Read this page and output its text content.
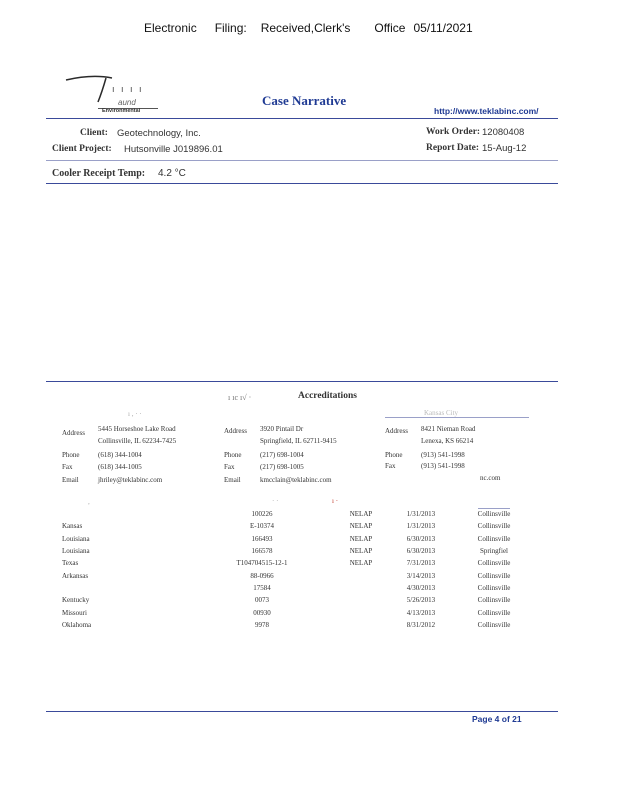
Electronic Filing: Received,Clerk's Office 05/11/2021
ı ı ı ı
aund
Environmental
Case Narrative
http://www.teklabinc.com/
Client: Geotechnology, Inc.
Client Project: Hutsonville J019896.01
Work Order: 12080408
Report Date: 15-Aug-12
Cooler Receipt Temp: 4.2 °C
ı ıc ı√ ·	Accreditations
ı , · ·	Kansas City
Address 5445 Horseshoe Lake Road
Collinsville, IL 62234-7425
Phone	(618) 344-1004
Fax	(618) 344-1005
Email	jhriley@teklabinc.com
Address 3920 Pintail Dr
Springfield, IL 62711-9415
Phone	(217) 698-1004
Fax	(217) 698-1005
Email	kmcclain@teklabinc.com
Address 8421 Nieman Road
Lenexa, KS 66214
Phone	(913) 541-1998
Fax	(913) 541-1998
nc.com
,	· ·	ı ·
	100226	NELAP	1/31/2013	Collinsville
Kansas	E-10374	NELAP	1/31/2013	Collinsville
Louisiana	166493	NELAP	6/30/2013	Collinsville
Louisiana	166578	NELAP	6/30/2013	Springfiel
Texas	T104704515-12-1	NELAP	7/31/2013	Collinsville
Arkansas	88-0966		3/14/2013	Collinsville
	17584		4/30/2013	Collinsville
Kentucky	0073		5/26/2013	Collinsville
Missouri	00930		4/13/2013	Collinsville
Oklahoma	9978		8/31/2012	Collinsville
Page 4 of 21
